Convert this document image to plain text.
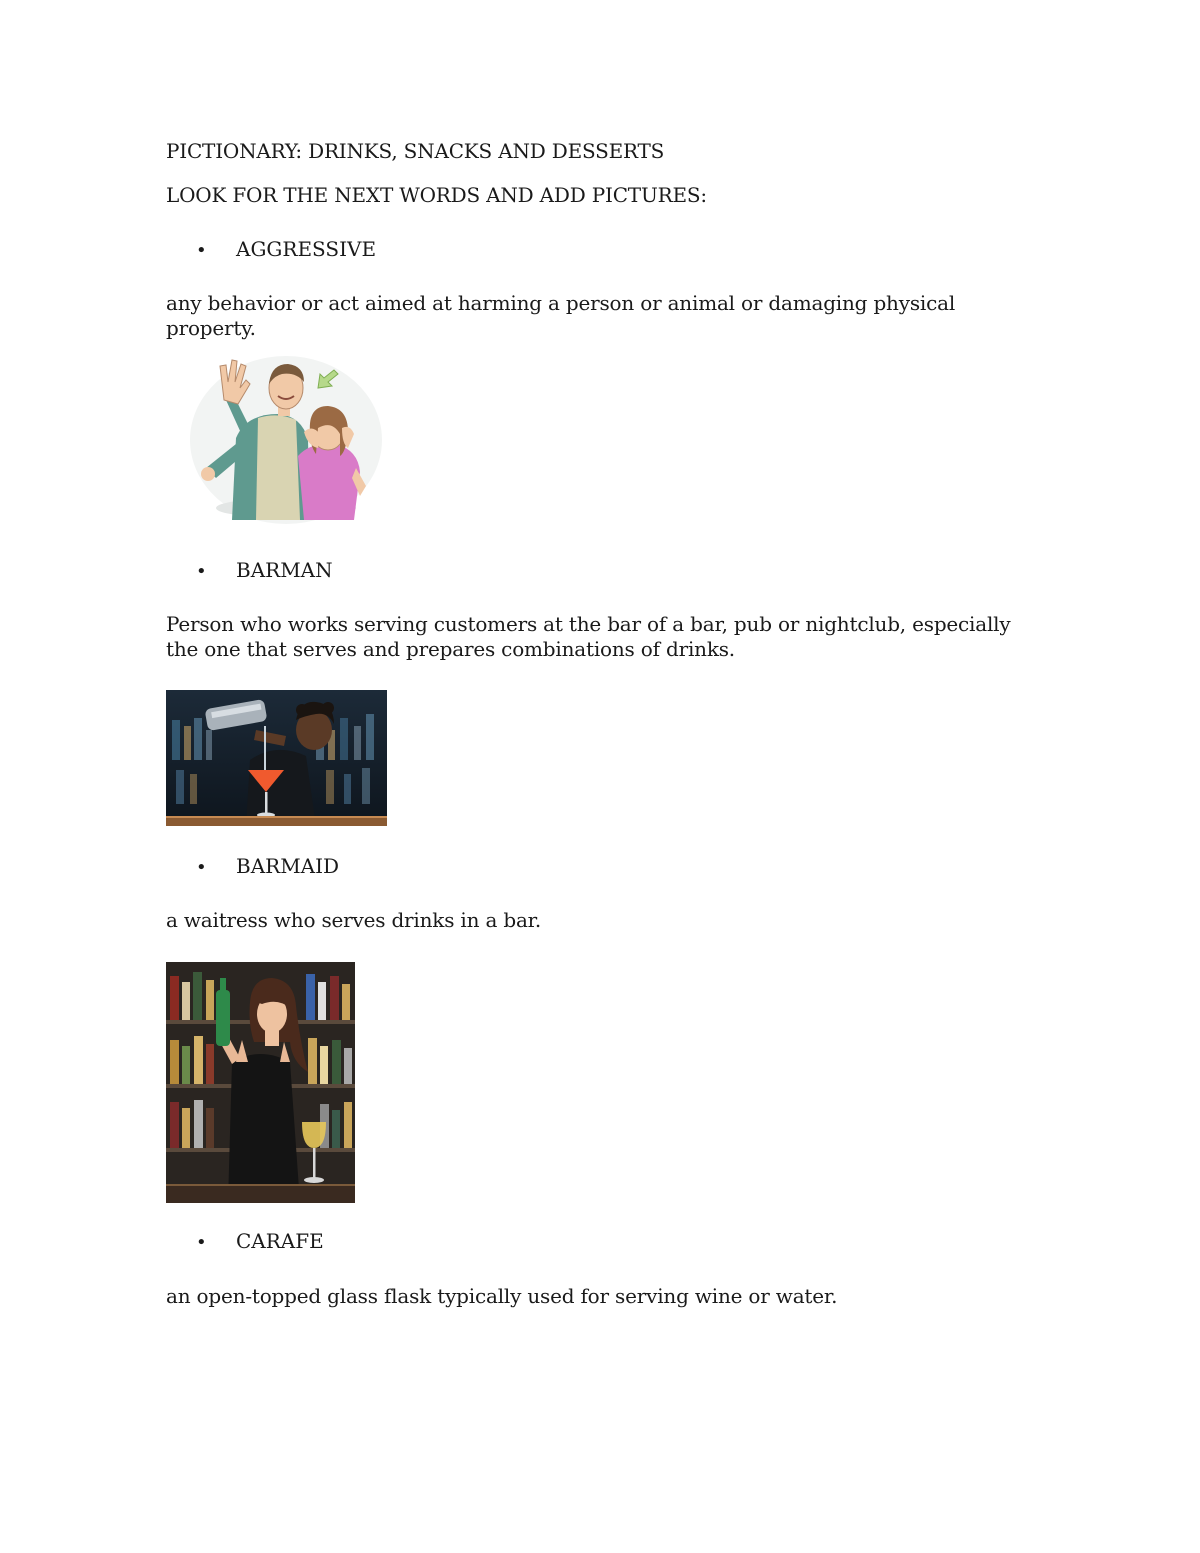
PICTIONARY: DRINKS, SNACKS AND DESSERTS
LOOK FOR THE NEXT WORDS AND ADD PICTURES:
• AGGRESSIVE
any behavior or act aimed at harming a person or animal or damaging physical property.
• BARMAN
Person who works serving customers at the bar of a bar, pub or nightclub, especially the one that serves and prepares combinations of drinks.
• BARMAID
a waitress who serves drinks in a bar.
• CARAFE
an open-topped glass flask typically used for serving wine or water.
